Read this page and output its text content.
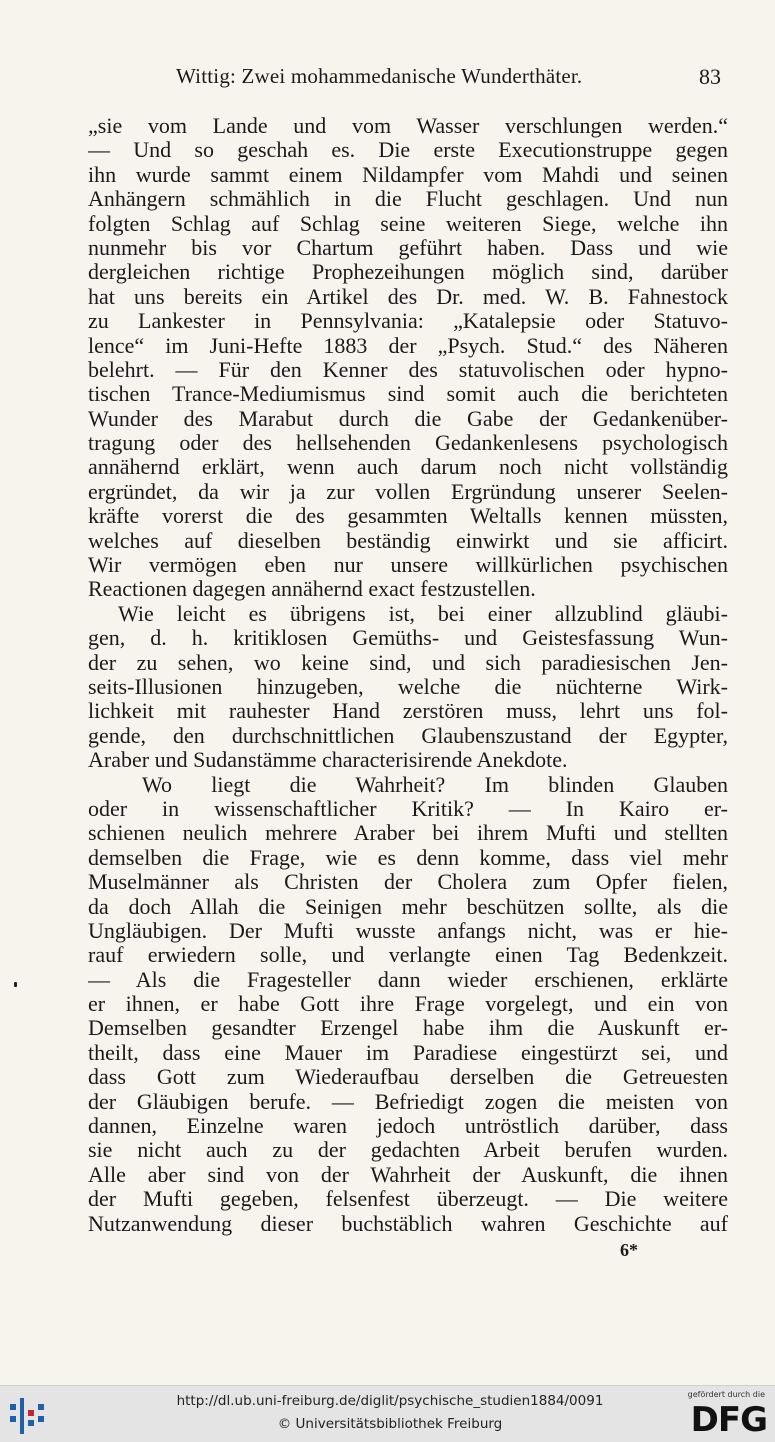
Wittig: Zwei mohammedanische Wunderthäter.	83
„sie vom Lande und vom Wasser verschlungen werden.“
— Und so geschah es. Die erste Executionstruppe gegen
ihn wurde sammt einem Nildampfer vom Mahdi und seinen
Anhängern schmählich in die Flucht geschlagen. Und nun
folgten Schlag auf Schlag seine weiteren Siege, welche ihn
nunmehr bis vor Chartum geführt haben. Dass und wie
dergleichen richtige Prophezeihungen möglich sind, darüber
hat uns bereits ein Artikel des Dr. med. W. B. Fahnestock
zu Lankester in Pennsylvania: „Katalepsie oder Statuvo-
lence“ im Juni-Hefte 1883 der „Psych. Stud.“ des Näheren
belehrt. — Für den Kenner des statuvolischen oder hypno-
tischen Trance-Mediumismus sind somit auch die berichteten
Wunder des Marabut durch die Gabe der Gedankenüber-
tragung oder des hellsehenden Gedankenlesens psychologisch
annähernd erklärt, wenn auch darum noch nicht vollständig
ergründet, da wir ja zur vollen Ergründung unserer Seelen-
kräfte vorerst die des gesammten Weltalls kennen müssten,
welches auf dieselben beständig einwirkt und sie afficirt.
Wir vermögen eben nur unsere willkürlichen psychischen
Reactionen dagegen annähernd exact festzustellen.
Wie leicht es übrigens ist, bei einer allzublind gläubi-
gen, d. h. kritiklosen Gemüths- und Geistesfassung Wun-
der zu sehen, wo keine sind, und sich paradiesischen Jen-
seits-Illusionen hinzugeben, welche die nüchterne Wirk-
lichkeit mit rauhester Hand zerstören muss, lehrt uns fol-
gende, den durchschnittlichen Glaubenszustand der Egypter,
Araber und Sudanstämme characterisirende Anekdote.
Wo liegt die Wahrheit? Im blinden Glauben
oder in wissenschaftlicher Kritik? — In Kairo er-
schienen neulich mehrere Araber bei ihrem Mufti und stellten
demselben die Frage, wie es denn komme, dass viel mehr
Muselmänner als Christen der Cholera zum Opfer fielen,
da doch Allah die Seinigen mehr beschützen sollte, als die
Ungläubigen. Der Mufti wusste anfangs nicht, was er hie-
rauf erwiedern solle, und verlangte einen Tag Bedenkzeit.
— Als die Fragesteller dann wieder erschienen, erklärte
er ihnen, er habe Gott ihre Frage vorgelegt, und ein von
Demselben gesandter Erzengel habe ihm die Auskunft er-
theilt, dass eine Mauer im Paradiese eingestürzt sei, und
dass Gott zum Wiederaufbau derselben die Getreuesten
der Gläubigen berufe. — Befriedigt zogen die meisten von
dannen, Einzelne waren jedoch untröstlich darüber, dass
sie nicht auch zu der gedachten Arbeit berufen wurden.
Alle aber sind von der Wahrheit der Auskunft, die ihnen
der Mufti gegeben, felsenfest überzeugt. — Die weitere
Nutzanwendung dieser buchstäblich wahren Geschichte auf
6*
http://dl.ub.uni-freiburg.de/diglit/psychische_studien1884/0091
© Universitätsbibliothek Freiburg
gefördert durch die
DFG
